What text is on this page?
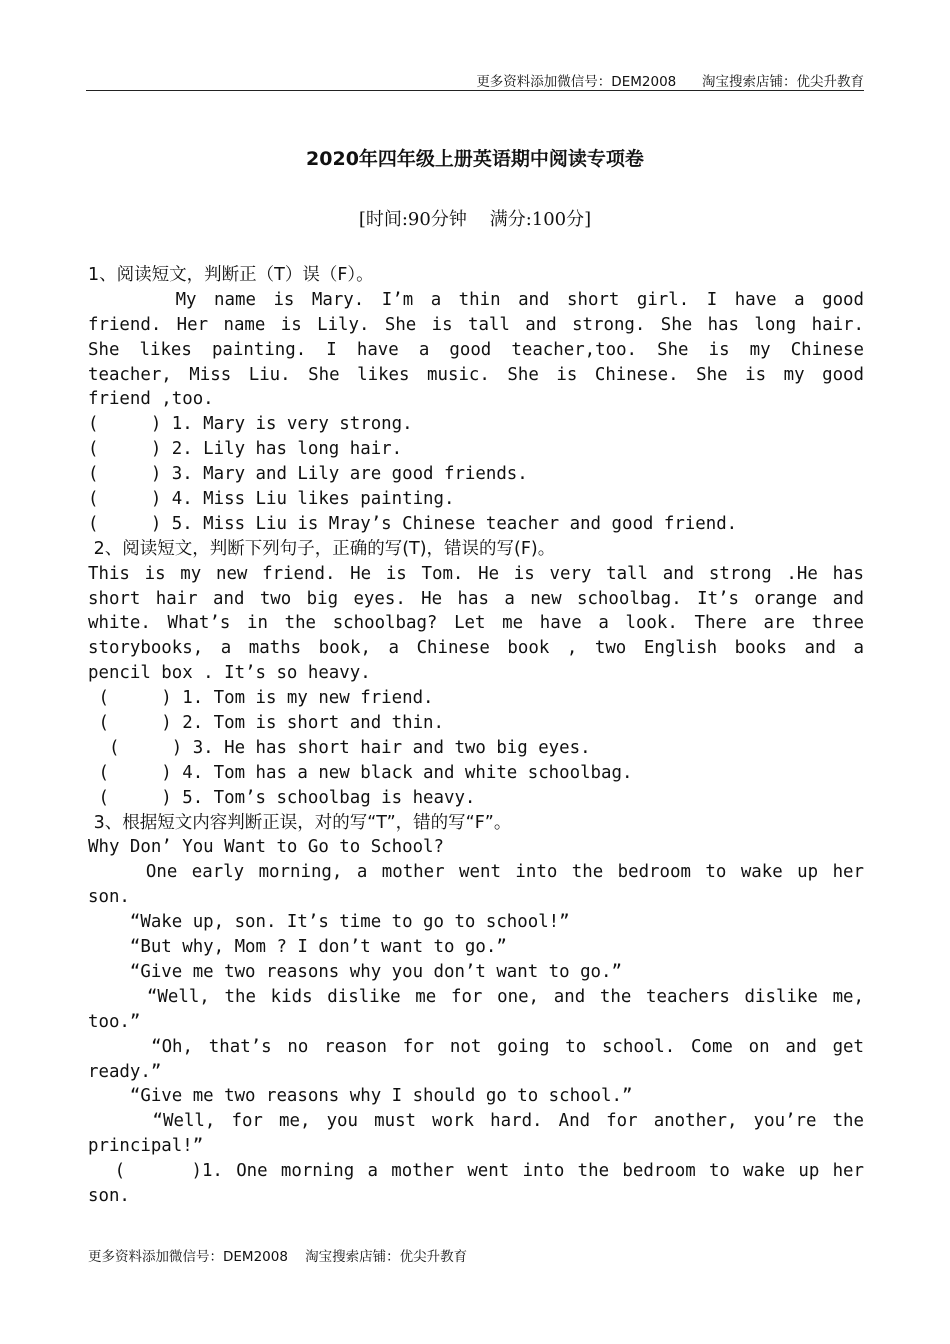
更多资料添加微信号：DEM2008      淘宝搜索店铺：优尖升教育
2020年四年级上册英语期中阅读专项卷
[时间:90分钟    满分:100分]
1、阅读短文，判断正（T）误（F）。
My name is Mary. I’m a thin and short girl. I have a good
friend. Her name is Lily. She is tall and strong. She has long hair.
She likes painting. I have a good teacher,too. She is my Chinese
teacher, Miss Liu. She likes music. She is Chinese. She is my good
friend ,too.
(     ) 1. Mary is very strong.
(     ) 2. Lily has long hair.
(     ) 3. Mary and Lily are good friends.
(     ) 4. Miss Liu likes painting.
(     ) 5. Miss Liu is Mray’s Chinese teacher and good friend.
2、阅读短文，判断下列句子，正确的写(T)，错误的写(F)。
This is my new friend. He is Tom. He is very tall and strong .He has
short hair and two big eyes. He has a new schoolbag. It’s orange and
white. What’s in the schoolbag? Let me have a look. There are three
storybooks, a maths book, a Chinese book , two English books and a
pencil box . It’s so heavy.
(     ) 1. Tom is my new friend.
(     ) 2. Tom is short and thin.
(     ) 3. He has short hair and two big eyes.
(     ) 4. Tom has a new black and white schoolbag.
(     ) 5. Tom’s schoolbag is heavy.
3、根据短文内容判断正误，对的写“T”，错的写“F”。
Why Don’ You Want to Go to School?
One early morning, a mother went into the bedroom to wake up her
son.
“Wake up, son. It’s time to go to school!”
“But why, Mom ? I don’t want to go.”
“Give me two reasons why you don’t want to go.”
“Well, the kids dislike me for one, and the teachers dislike me,
too.”
“Oh, that’s no reason for not going to school. Come on and get
ready.”
“Give me two reasons why I should go to school.”
“Well, for me, you must work hard. And for another, you’re the
principal!”
(     )1. One morning a mother went into the bedroom to wake up her
son.
更多资料添加微信号：DEM2008    淘宝搜索店铺：优尖升教育
